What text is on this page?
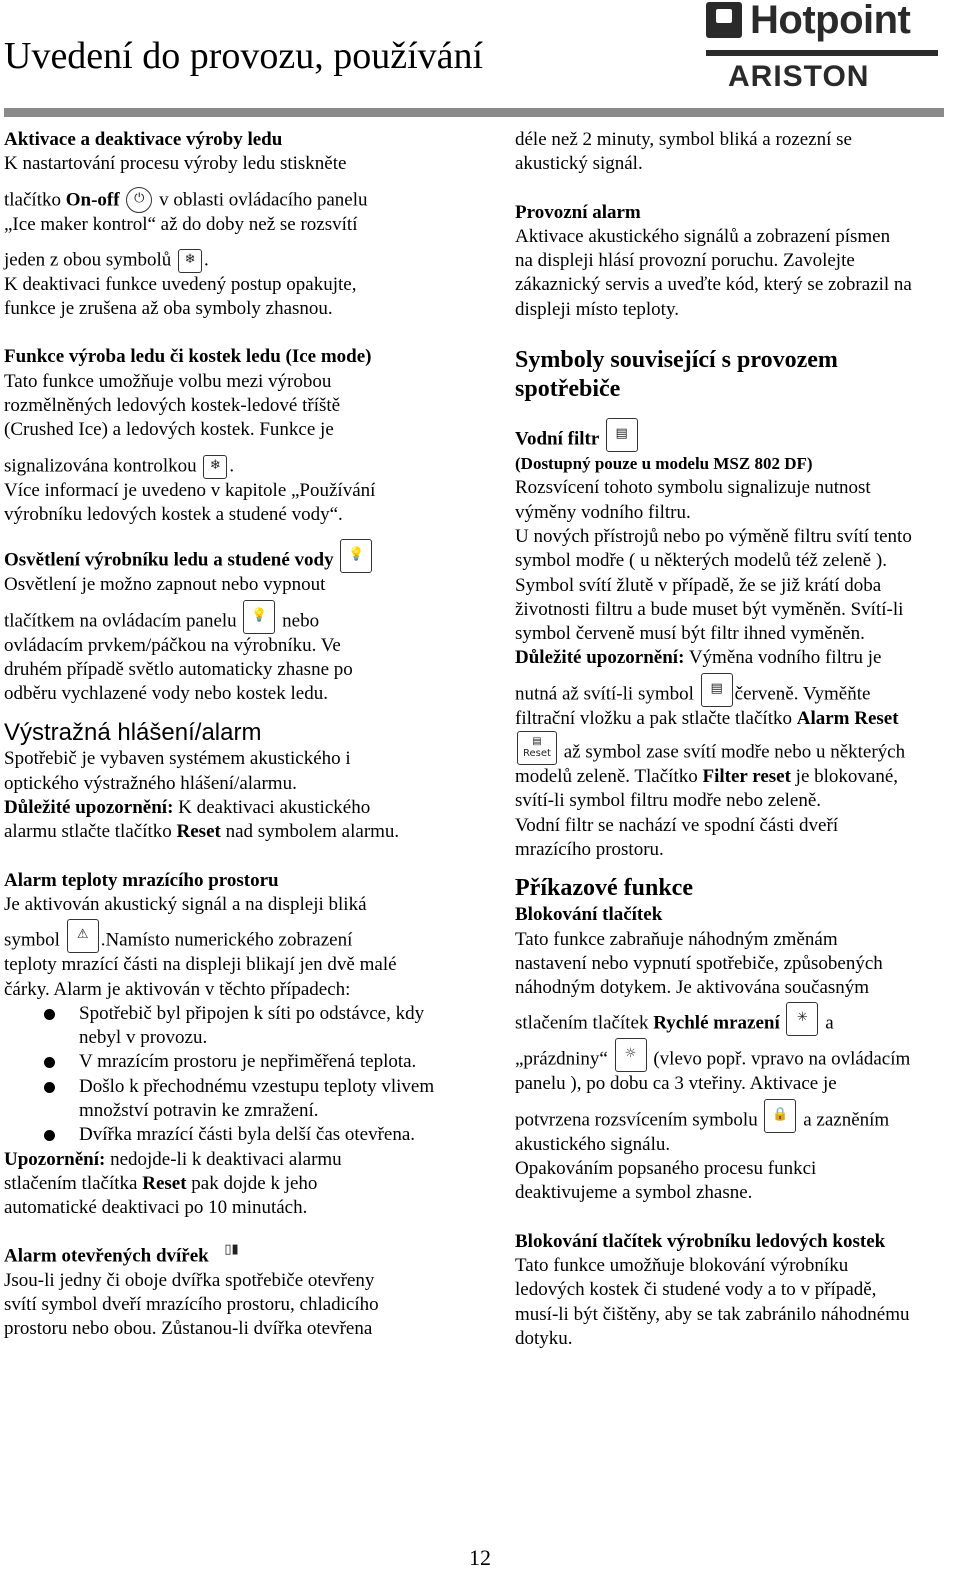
Uvedení do provozu, používání
Hotpoint
ARISTON
Aktivace a deaktivace výroby ledu

K nastartování procesu výroby ledu stiskněte

tlačítko On-off ⏻ v oblasti ovládacího panelu

„Ice maker kontrol“ až do doby než se rozsvítí

jeden z obou symbolů ❄ .

K deaktivaci funkce uvedený postup opakujte,

funkce je zrušena až oba symboly zhasnou.

Funkce výroba ledu či kostek ledu (Ice mode)

Tato funkce umožňuje volbu mezi výrobou

rozmělněných ledových kostek-ledové tříště

(Crushed Ice) a ledových kostek. Funkce je

signalizována kontrolkou ❄ .

Více informací je uvedeno v kapitole „Používání

výrobníku ledových kostek a studené vody“.

Osvětlení výrobníku ledu a studené vody 💡

Osvětlení je možno zapnout nebo vypnout

tlačítkem na ovládacím panelu 💡 nebo

ovládacím prvkem/páčkou na výrobníku. Ve

druhém případě světlo automaticky zhasne po

odběru vychlazené vody nebo kostek ledu.

Výstražná hlášení/alarm

Spotřebič je vybaven systémem akustického i

optického výstražného hlášení/alarmu.

Důležité upozornění: K deaktivaci akustického

alarmu stlačte tlačítko Reset nad symbolem alarmu.

Alarm teploty mrazícího prostoru

Je aktivován akustický signál a na displeji bliká

symbol ⚠ .Namísto numerického zobrazení

teploty mrazící části na displeji blikají jen dvě malé

čárky. Alarm je aktivován v těchto případech:

Spotřebič byl připojen k síti po odstávce, kdy nebyl v provozu.
V mrazícím prostoru je nepřiměřená teplota.
Došlo k přechodnému vzestupu teploty vlivem množství potravin ke zmražení.
Dvířka mrazící části byla delší čas otevřena.

Upozornění: nedojde-li k deaktivaci alarmu

stlačením tlačítka Reset pak dojde k jeho

automatické deaktivaci po 10 minutách.

Alarm otevřených dvířek ▯▮

Jsou-li jedny či oboje dvířka spotřebiče otevřeny

svítí symbol dveří mrazícího prostoru, chladicího

prostoru nebo obou. Zůstanou-li dvířka otevřena

déle než 2 minuty, symbol bliká a rozezní se

akustický signál.

Provozní alarm

Aktivace akustického signálů a zobrazení písmen

na displeji hlásí provozní poruchu. Zavolejte

zákaznický servis a uveďte kód, který se zobrazil na

displeji místo teploty.

Symboly související s provozem
spotřebiče
Vodní filtr ▤

(Dostupný pouze u modelu MSZ 802 DF)

Rozsvícení tohoto symbolu signalizuje nutnost

výměny vodního filtru.

U nových přístrojů nebo po výměně filtru svítí tento

symbol modře ( u některých modelů též zeleně ).

Symbol svítí žlutě v případě, že se již krátí doba

životnosti filtru a bude muset být vyměněn. Svítí-li

symbol červeně musí být filtr ihned vyměněn.

Důležité upozornění: Výměna vodního filtru je

nutná až svítí-li symbol ▤ červeně. Vyměňte

filtrační vložku a pak stlačte tlačítko Alarm Reset

▤
Reset až symbol zase svítí modře nebo u některých

modelů zeleně. Tlačítko Filter reset je blokované,

svítí-li symbol filtru modře nebo zeleně.

Vodní filtr se nachází ve spodní části dveří

mrazícího prostoru.

Příkazové funkce
Blokování tlačítek

Tato funkce zabraňuje náhodným změnám

nastavení nebo vypnutí spotřebiče, způsobených

náhodným dotykem. Je aktivována současným

stlačením tlačítek Rychlé mrazení ✳ a

„prázdniny“ ☼ (vlevo popř. vpravo na ovládacím

panelu ), po dobu ca 3 vteřiny. Aktivace je

potvrzena rozsvícením symbolu 🔒 a zazněním

akustického signálu.

Opakováním popsaného procesu funkci

deaktivujeme a symbol zhasne.

Blokování tlačítek výrobníku ledových kostek

Tato funkce umožňuje blokování výrobníku

ledových kostek či studené vody a to v případě,

musí-li být čištěny, aby se tak zabránilo náhodnému

dotyku.

12
